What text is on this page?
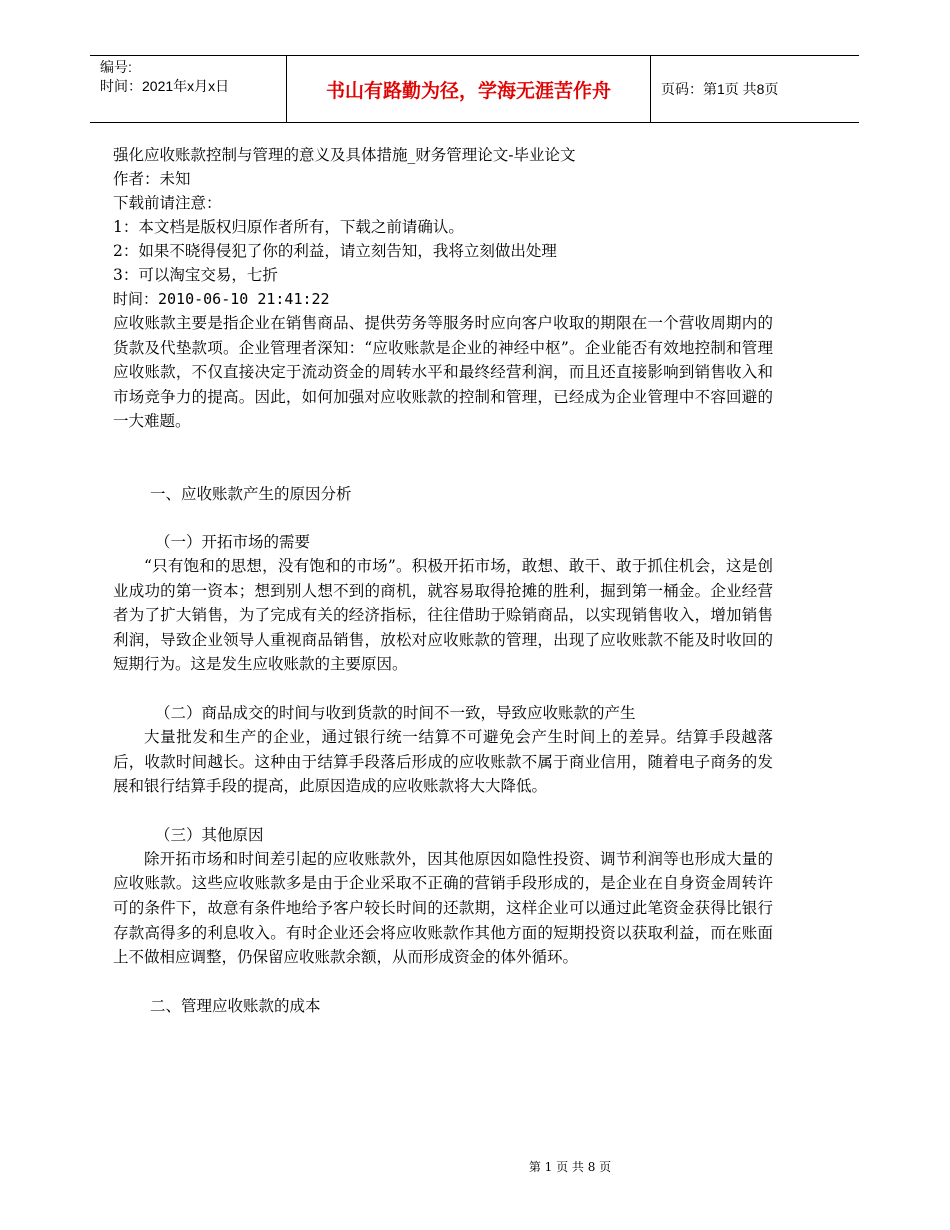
编号:
时间：2021年x月x日	书山有路勤为径，学海无涯苦作舟	页码：第1页 共8页
强化应收账款控制与管理的意义及具体措施_财务管理论文-毕业论文
作者：未知
下载前请注意：
1：本文档是版权归原作者所有，下载之前请确认。
2：如果不晓得侵犯了你的利益，请立刻告知，我将立刻做出处理
3：可以淘宝交易，七折
时间：2010-06-10 21:41:22
应收账款主要是指企业在销售商品、提供劳务等服务时应向客户收取的期限在一个营收周期内的货款及代垫款项。企业管理者深知：“应收账款是企业的神经中枢”。企业能否有效地控制和管理应收账款，不仅直接决定于流动资金的周转水平和最终经营利润，而且还直接影响到销售收入和市场竞争力的提高。因此，如何加强对应收账款的控制和管理，已经成为企业管理中不容回避的一大难题。
一、应收账款产生的原因分析
（一）开拓市场的需要
“只有饱和的思想，没有饱和的市场”。积极开拓市场，敢想、敢干、敢于抓住机会，这是创业成功的第一资本；想到别人想不到的商机，就容易取得抢摊的胜利，掘到第一桶金。企业经营者为了扩大销售，为了完成有关的经济指标，往往借助于赊销商品，以实现销售收入，增加销售利润，导致企业领导人重视商品销售，放松对应收账款的管理，出现了应收账款不能及时收回的短期行为。这是发生应收账款的主要原因。
（二）商品成交的时间与收到货款的时间不一致，导致应收账款的产生
大量批发和生产的企业，通过银行统一结算不可避免会产生时间上的差异。结算手段越落后，收款时间越长。这种由于结算手段落后形成的应收账款不属于商业信用，随着电子商务的发展和银行结算手段的提高，此原因造成的应收账款将大大降低。
（三）其他原因
除开拓市场和时间差引起的应收账款外，因其他原因如隐性投资、调节利润等也形成大量的应收账款。这些应收账款多是由于企业采取不正确的营销手段形成的，是企业在自身资金周转许可的条件下，故意有条件地给予客户较长时间的还款期，这样企业可以通过此笔资金获得比银行存款高得多的利息收入。有时企业还会将应收账款作其他方面的短期投资以获取利益，而在账面上不做相应调整，仍保留应收账款余额，从而形成资金的体外循环。
二、管理应收账款的成本
第 1 页 共 8 页
